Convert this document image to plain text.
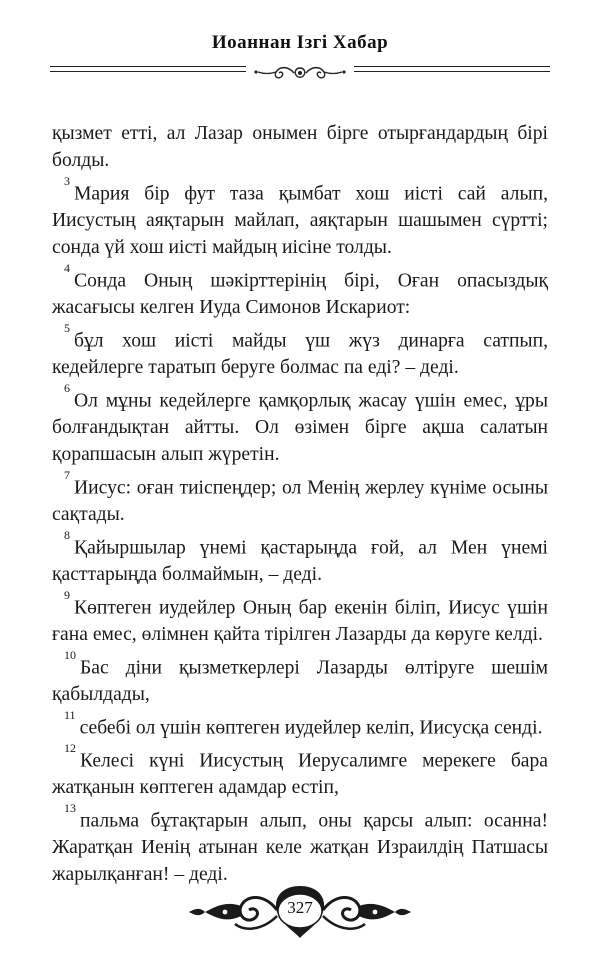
Иоаннан Ізгі Хабар

қызмет етті, ал Лазар онымен бірге отырғандардың бірі болды.

$^3$Мария бір фут таза қымбат хош иісті сай алып, Иисустың аяқтарын майлап, аяқтарын шашымен сүртті; сонда үй хош иісті майдың иісіне толды.

$^4$Сонда Оның шәкірттерінің бірі, Оған опасыздық жасағысы келген Иуда Симонов Искариот:

$^5$бұл хош иісті майды үш жүз динарға сатпып, кедейлерге таратып беруге болмас па еді? – деді.

$^6$Ол мұны кедейлерге қамқорлық жасау үшін емес, ұры болғандықтан айтты. Ол өзімен бірге ақша салатын қорапшасын алып жүретін.

$^7$Иисус: оған тиіспеңдер; ол Менің жерлеу күніме осыны сақтады.

$^8$Қайыршылар үнемі қастарыңда ғой, ал Мен үнемі қасттарыңда болмаймын, – деді.

$^9$Көптеген иудейлер Оның бар екенін біліп, Иисус үшін ғана емес, өлімнен қайта тірілген Лазарды да көруге келді.

$^{10}$Бас діни қызметкерлері Лазарды өлтіруге шешім қабылдады,

$^{11}$себебі ол үшін көптеген иудейлер келіп, Иисусқа сенді.

$^{12}$Келесі күні Иисустың Иерусалимге мерекеге бара жатқанын көптеген адамдар естіп,

$^{13}$пальма бұтақтарын алып, оны қарсы алып: осанна! Жаратқан Иенің атынан келе жатқан Израилдің Патшасы жарылқанған! – деді.

327
